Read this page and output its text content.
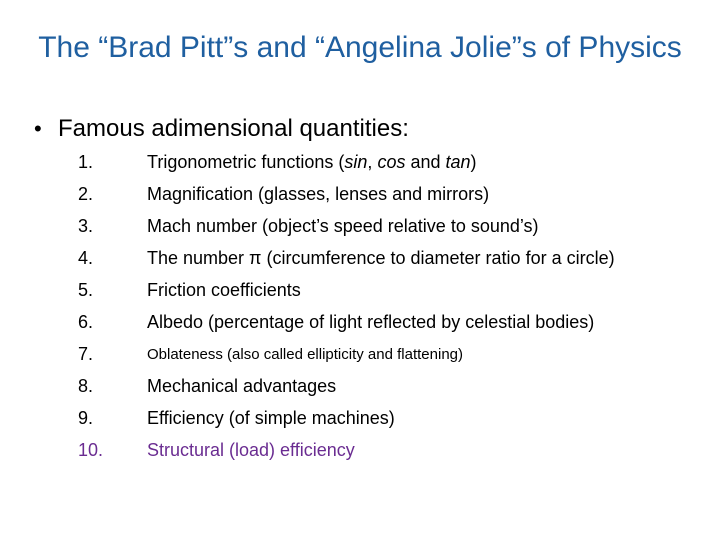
The “Brad Pitt”s and “Angelina Jolie”s of Physics
• Famous adimensional quantities:
1.	Trigonometric functions (sin, cos and tan)
2.	Magnification (glasses, lenses and mirrors)
3.	Mach number (object’s speed relative to sound’s)
4.	The number π (circumference to diameter ratio for a circle)
5.	Friction coefficients
6.	Albedo (percentage of light reflected by celestial bodies)
7.	Oblateness (also called ellipticity and flattening)
8.	Mechanical advantages
9.	Efficiency (of simple machines)
10.	Structural (load) efficiency
